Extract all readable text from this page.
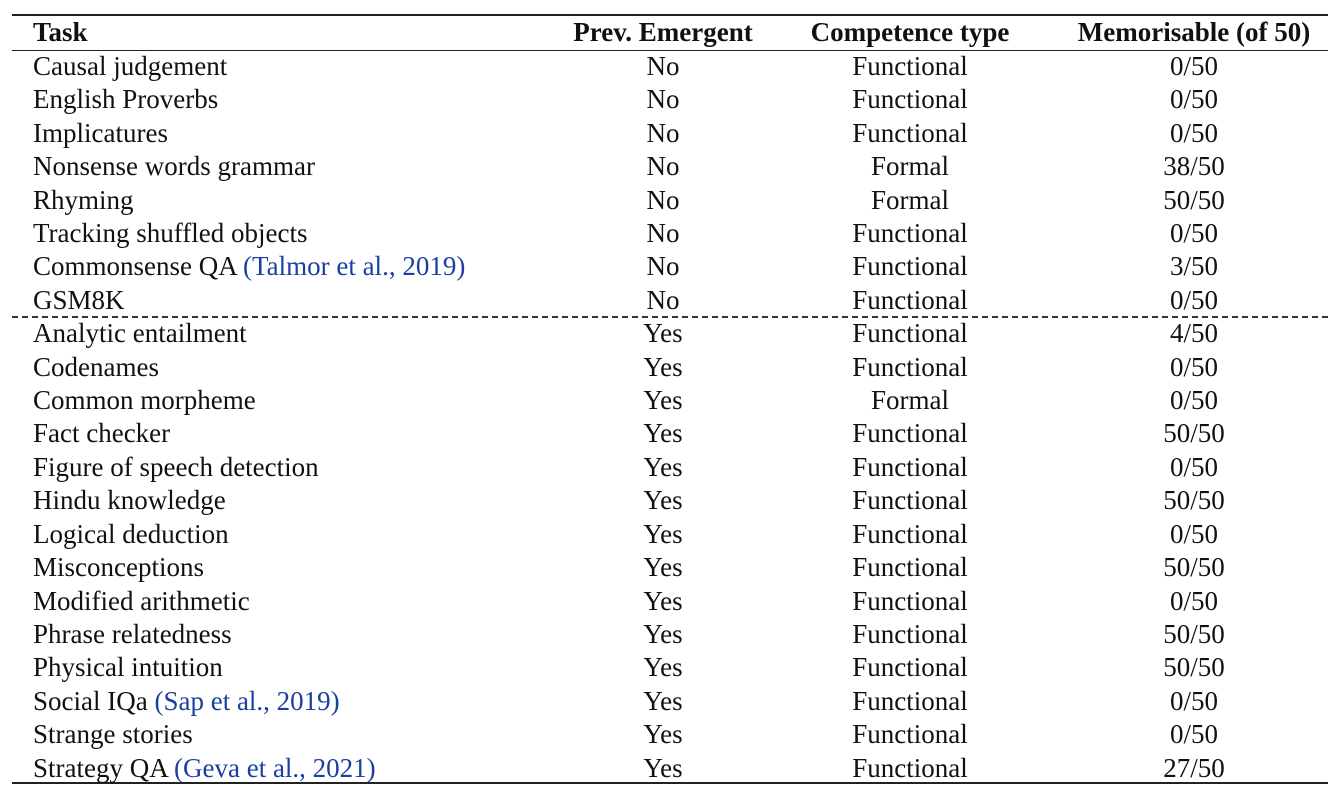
Task	Prev. Emergent	Competence type	Memorisable (of 50)
Causal judgement	No	Functional	0/50
English Proverbs	No	Functional	0/50
Implicatures	No	Functional	0/50
Nonsense words grammar	No	Formal	38/50
Rhyming	No	Formal	50/50
Tracking shuffled objects	No	Functional	0/50
Commonsense QA (Talmor et al., 2019)	No	Functional	3/50
GSM8K	No	Functional	0/50
Analytic entailment	Yes	Functional	4/50
Codenames	Yes	Functional	0/50
Common morpheme	Yes	Formal	0/50
Fact checker	Yes	Functional	50/50
Figure of speech detection	Yes	Functional	0/50
Hindu knowledge	Yes	Functional	50/50
Logical deduction	Yes	Functional	0/50
Misconceptions	Yes	Functional	50/50
Modified arithmetic	Yes	Functional	0/50
Phrase relatedness	Yes	Functional	50/50
Physical intuition	Yes	Functional	50/50
Social IQa (Sap et al., 2019)	Yes	Functional	0/50
Strange stories	Yes	Functional	0/50
Strategy QA (Geva et al., 2021)	Yes	Functional	27/50
